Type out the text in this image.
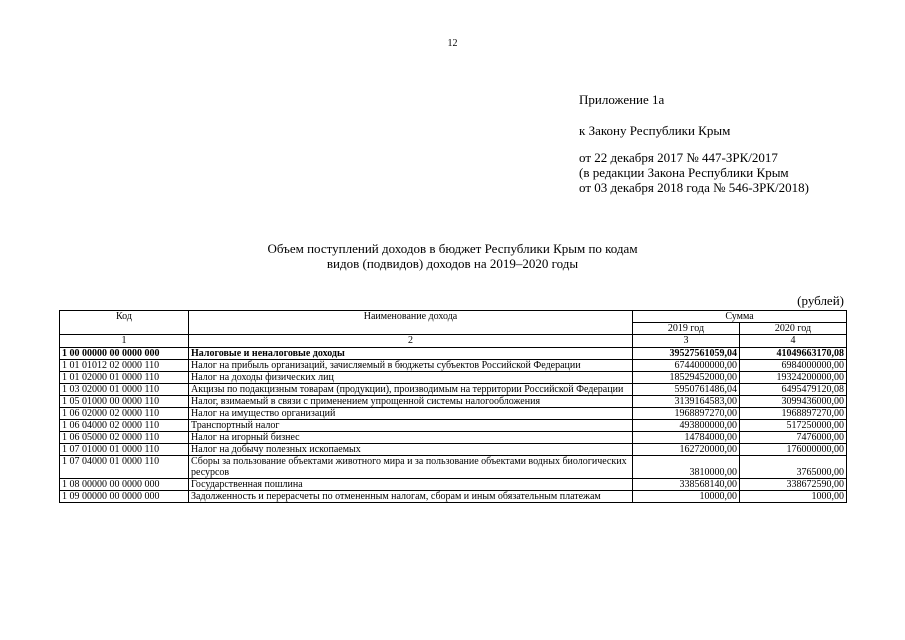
12
Приложение 1а
к Закону Республики Крым
от 22 декабря 2017 № 447-ЗРК/2017
(в редакции Закона Республики Крым
от 03 декабря 2018 года № 546-ЗРК/2018)
Объем поступлений доходов в бюджет Республики Крым по кодам
видов (подвидов) доходов на 2019–2020 годы
(рублей)
Код	Наименование дохода	Сумма	
		2019 год	2020 год
1	2	3	4
1 00 00000 00 0000 000	Налоговые и неналоговые доходы	39527561059,04	41049663170,08
1 01 01012 02 0000 110	Налог на прибыль организаций, зачисляемый в бюджеты субъектов Российской Федерации	6744000000,00	6984000000,00
1 01 02000 01 0000 110	Налог на доходы физических лиц	18529452000,00	19324200000,00
1 03 02000 01 0000 110	Акцизы по подакцизным товарам (продукции), производимым на территории Российской Федерации	5950761486,04	6495479120,08
1 05 01000 00 0000 110	Налог, взимаемый в связи с применением упрощенной системы налогообложения	3139164583,00	3099436000,00
1 06 02000 02 0000 110	Налог на имущество организаций	1968897270,00	1968897270,00
1 06 04000 02 0000 110	Транспортный налог	493800000,00	517250000,00
1 06 05000 02 0000 110	Налог на игорный бизнес	14784000,00	7476000,00
1 07 01000 01 0000 110	Налог на добычу полезных ископаемых	162720000,00	176000000,00
1 07 04000 01 0000 110	Сборы за пользование объектами животного мира и за пользование объектами водных биологических ресурсов	3810000,00	3765000,00
1 08 00000 00 0000 000	Государственная пошлина	338568140,00	338672590,00
1 09 00000 00 0000 000	Задолженность и перерасчеты по отмененным налогам, сборам и иным обязательным платежам	10000,00	1000,00
